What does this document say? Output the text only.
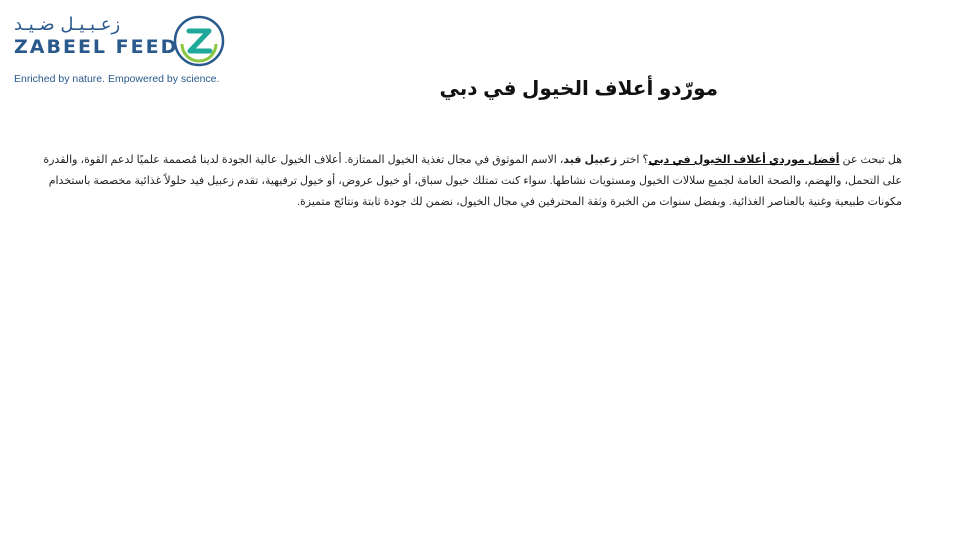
زعـبـيـل ضـيـد
ZABEEL FEED
Enriched by nature. Empowered by science.	مورّدو أعلاف الخيول في دبي

هل تبحث عن أفضل موردي أعلاف الخيول في دبي؟ اختر زعبيل فيد، الاسم الموثوق في مجال تغذية الخيول الممتازة. أعلاف الخيول عالية الجودة لدينا مُصممة علميًا لدعم القوة، والقدرة على التحمل، والهضم، والصحة العامة لجميع سلالات الخيول ومستويات نشاطها. سواء كنت تمتلك خيول سباق، أو خيول عروض، أو خيول ترفيهية، تقدم زعبيل فيد حلولاً غذائية مخصصة باستخدام مكونات طبيعية وغنية بالعناصر الغذائية. وبفضل سنوات من الخبرة وثقة المحترفين في مجال الخيول، نضمن لك جودة ثابتة ونتائج متميزة.
